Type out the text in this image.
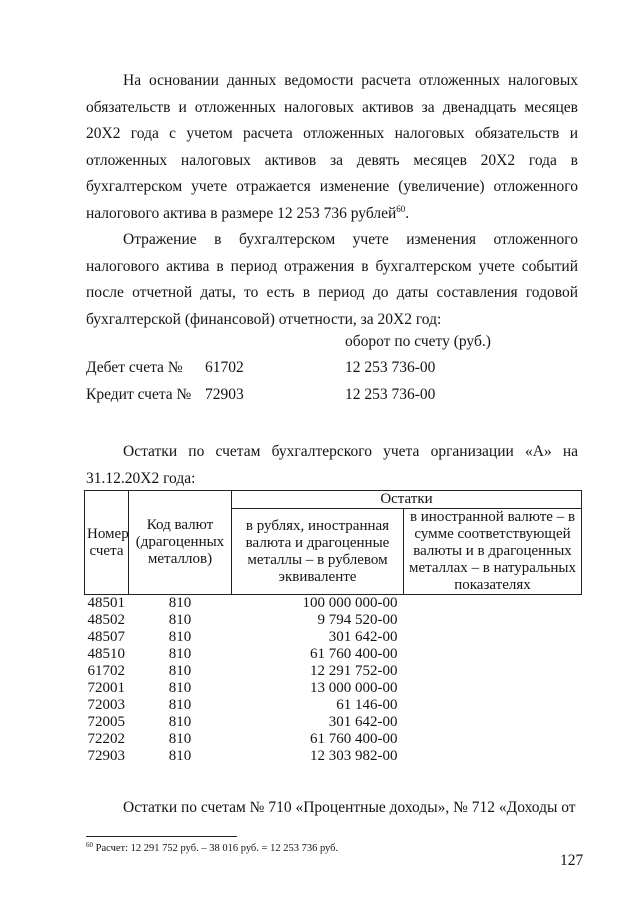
На основании данных ведомости расчета отложенных налоговых обязательств и отложенных налоговых активов за двенадцать месяцев 20Х2 года с учетом расчета отложенных налоговых обязательств и отложенных налоговых активов за девять месяцев 20Х2 года в бухгалтерском учете отражается изменение (увеличение) отложенного налогового актива в размере 12 253 736 рублей$^{60}$.

Отражение в бухгалтерском учете изменения отложенного налогового актива в период отражения в бухгалтерском учете событий после отчетной даты, то есть в период до даты составления годовой бухгалтерской (финансовой) отчетности, за 20Х2 год:

оборот по счету (руб.)

Дебет счета № 61702	12 253 736-00

Кредит счета № 72903	12 253 736-00

Остатки по счетам бухгалтерского учета организации «А» на 31.12.20Х2 года:

Номер счета	Код валют (драгоценных металлов)	Остатки	
		в рублях, иностранная валюта и драгоценные металлы – в рублевом эквиваленте	в иностранной валюте – в сумме соответствующей валюты и в драгоценных металлах – в натуральных показателях
48501	810	100 000 000-00	
48502	810	9 794 520-00	
48507	810	301 642-00	
48510	810	61 760 400-00	
61702	810	12 291 752-00	
72001	810	13 000 000-00	
72003	810	61 146-00	
72005	810	301 642-00	
72202	810	61 760 400-00	
72903	810	12 303 982-00	

Остатки по счетам № 710 «Процентные доходы», № 712 «Доходы от

$^{60}$ Расчет: 12 291 752 руб. – 38 016 руб. = 12 253 736 руб.

127
